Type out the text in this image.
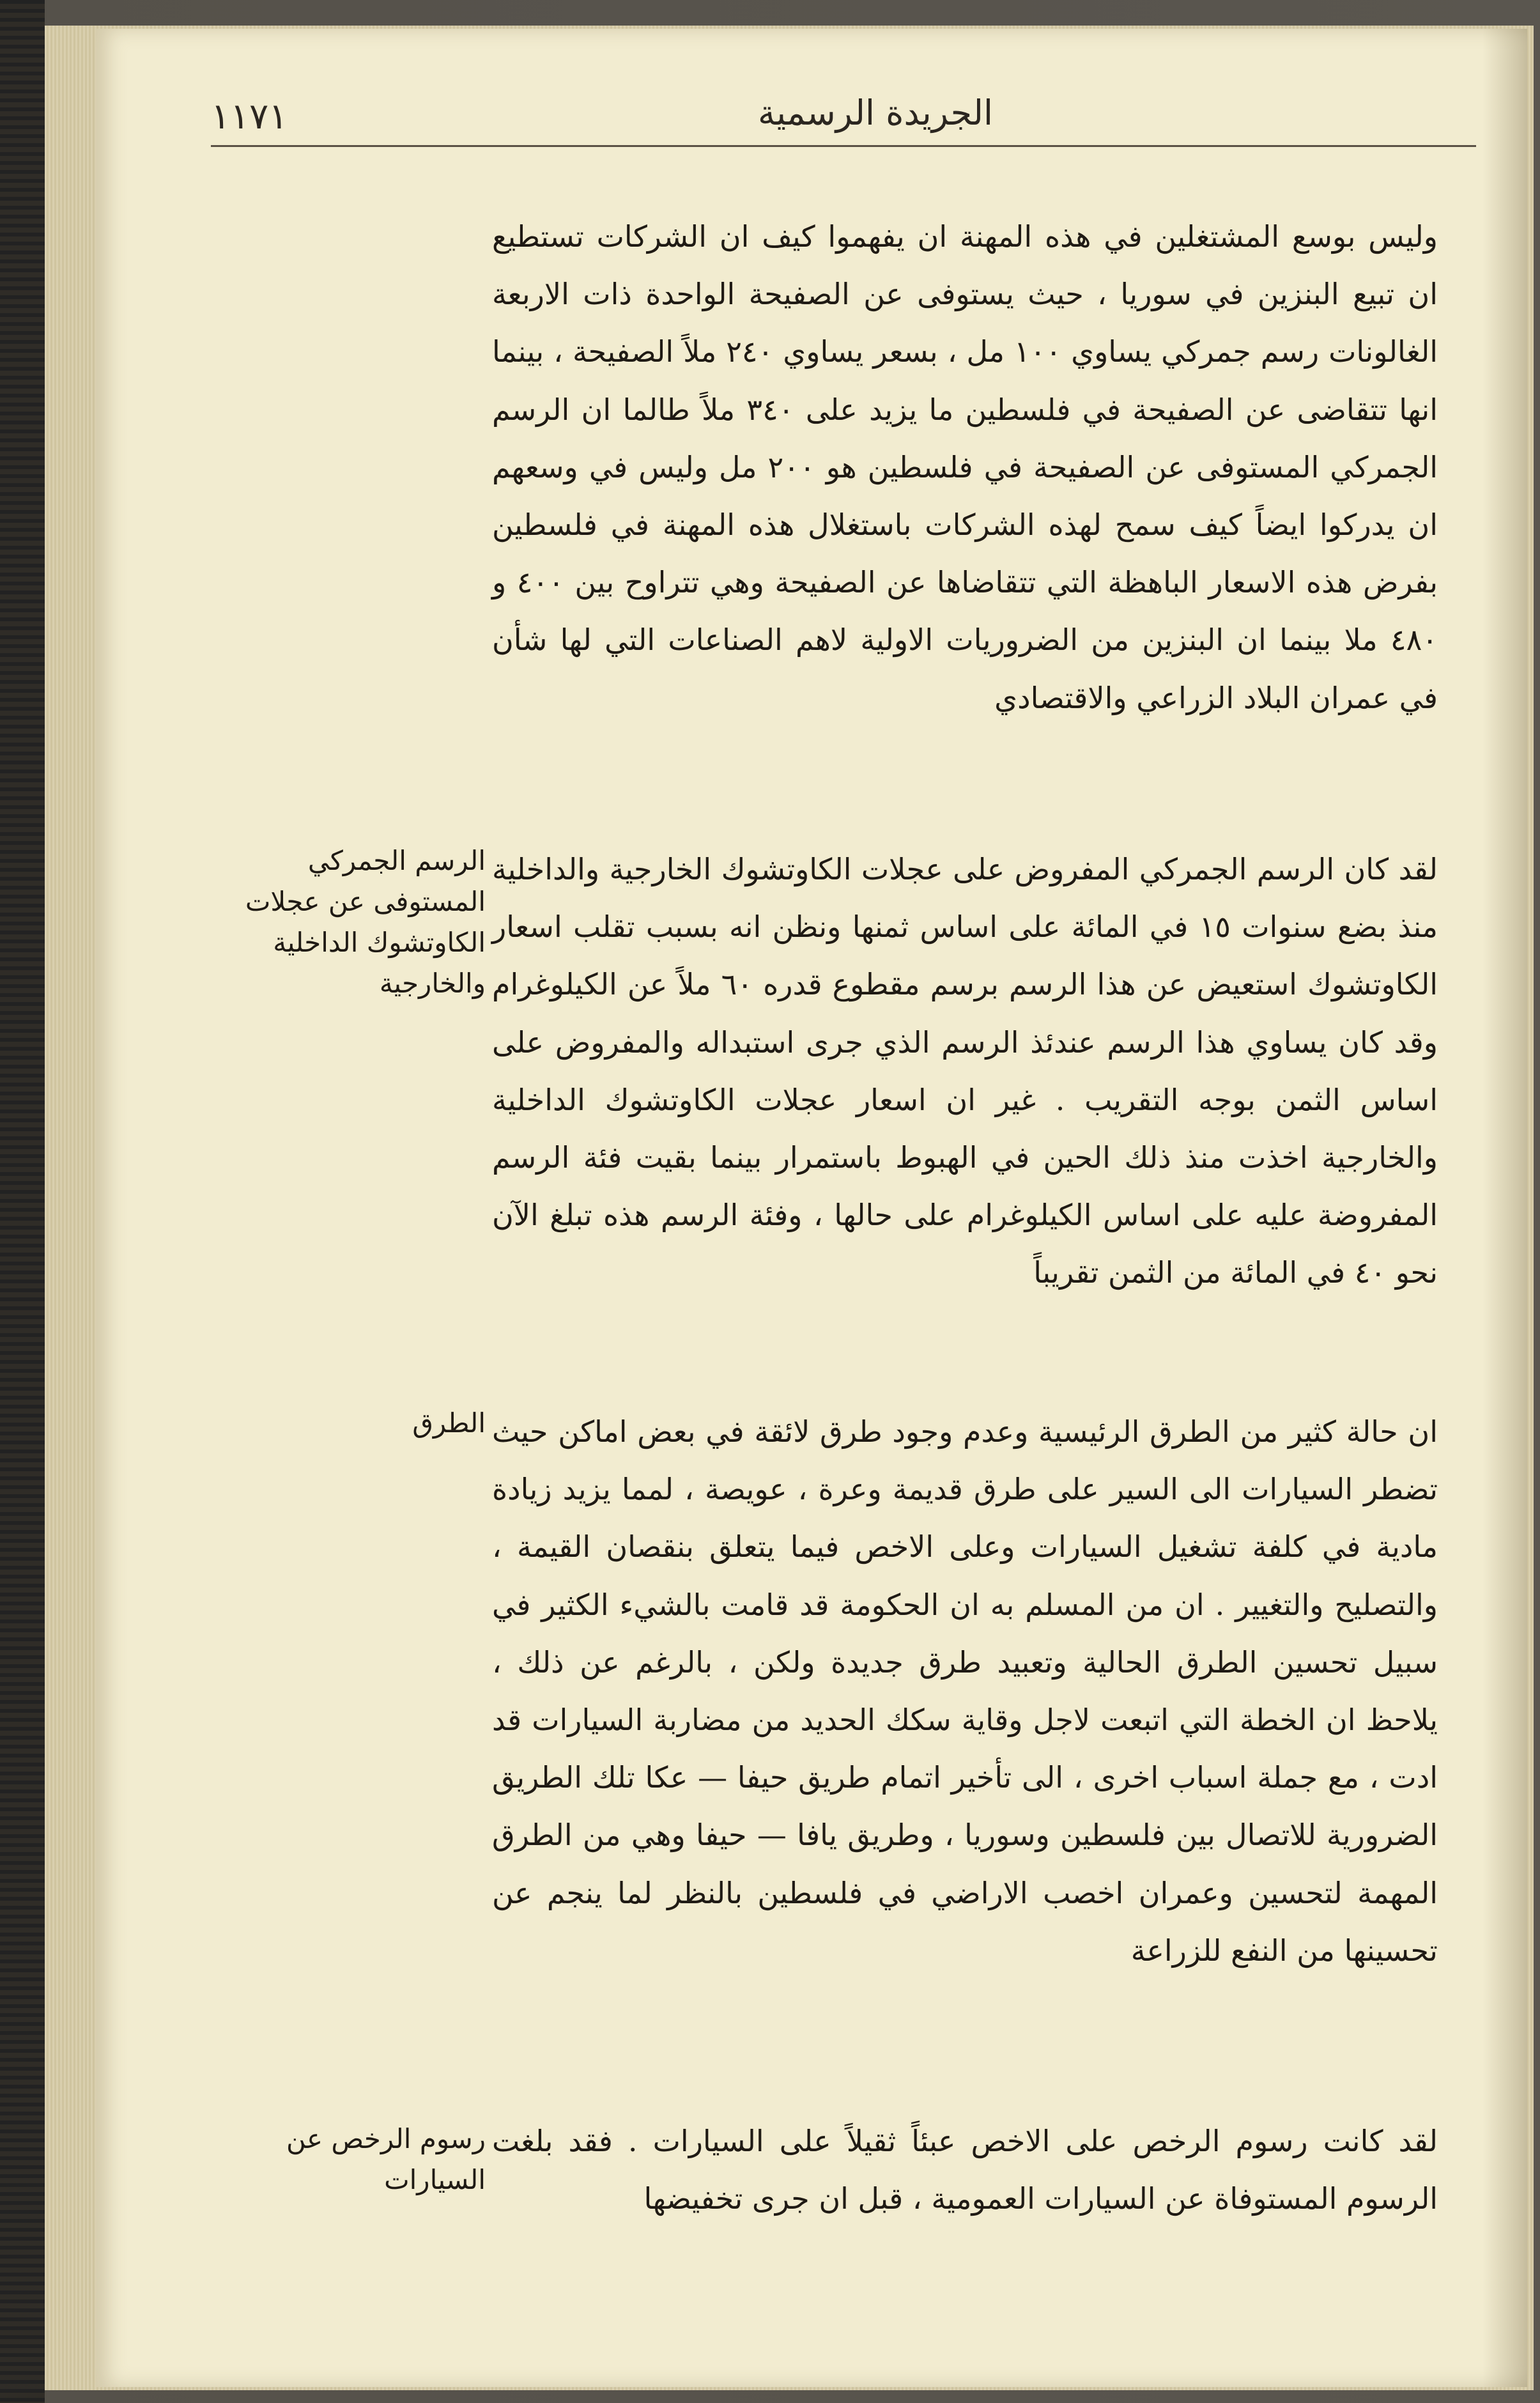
١١٧١	الجريدة الرسمية

وليس بوسع المشتغلين في هذه المهنة ان يفهموا كيف ان الشركات تستطيع ان تبيع البنزين في سوريا ، حيث يستوفى عن الصفيحة الواحدة ذات الاربعة الغالونات رسم جمركي يساوي ١٠٠ مل ، بسعر يساوي ٢٤٠ ملاً الصفيحة ، بينما انها تتقاضى عن الصفيحة في فلسطين ما يزيد على ٣٤٠ ملاً طالما ان الرسم الجمركي المستوفى عن الصفيحة في فلسطين هو ٢٠٠ مل وليس في وسعهم ان يدركوا ايضاً كيف سمح لهذه الشركات باستغلال هذه المهنة في فلسطين بفرض هذه الاسعار الباهظة التي تتقاضاها عن الصفيحة وهي تتراوح بين ٤٠٠ و ٤٨٠ ملا بينما ان البنزين من الضروريات الاولية لاهم الصناعات التي لها شأن في عمران البلاد الزراعي والاقتصادي

لقد كان الرسم الجمركي المفروض على عجلات الكاوتشوك الخارجية والداخلية منذ بضع سنوات ١٥ في المائة على اساس ثمنها ونظن انه بسبب تقلب اسعار الكاوتشوك استعيض عن هذا الرسم برسم مقطوع قدره ٦٠ ملاً عن الكيلوغرام وقد كان يساوي هذا الرسم عندئذ الرسم الذي جرى استبداله والمفروض على اساس الثمن بوجه التقريب . غير ان اسعار عجلات الكاوتشوك الداخلية والخارجية اخذت منذ ذلك الحين في الهبوط باستمرار بينما بقيت فئة الرسم المفروضة عليه على اساس الكيلوغرام على حالها ، وفئة الرسم هذه تبلغ الآن نحو ٤٠ في المائة من الثمن تقريباً

ان حالة كثير من الطرق الرئيسية وعدم وجود طرق لائقة في بعض اماكن حيث تضطر السيارات الى السير على طرق قديمة وعرة ، عويصة ، لمما يزيد زيادة مادية في كلفة تشغيل السيارات وعلى الاخص فيما يتعلق بنقصان القيمة ، والتصليح والتغيير . ان من المسلم به ان الحكومة قد قامت بالشيء الكثير في سبيل تحسين الطرق الحالية وتعبيد طرق جديدة ولكن ، بالرغم عن ذلك ، يلاحظ ان الخطة التي اتبعت لاجل وقاية سكك الحديد من مضاربة السيارات قد ادت ، مع جملة اسباب اخرى ، الى تأخير اتمام طريق حيفا — عكا تلك الطريق الضرورية للاتصال بين فلسطين وسوريا ، وطريق يافا — حيفا وهي من الطرق المهمة لتحسين وعمران اخصب الاراضي في فلسطين بالنظر لما ينجم عن تحسينها من النفع للزراعة

لقد كانت رسوم الرخص على الاخص عبئاً ثقيلاً على السيارات . فقد بلغت الرسوم المستوفاة عن السيارات العمومية ، قبل ان جرى تخفيضها

الرسم الجمركي المستوفى عن عجلات الكاوتشوك الداخلية والخارجية
الطرق
رسوم الرخص عن السيارات
